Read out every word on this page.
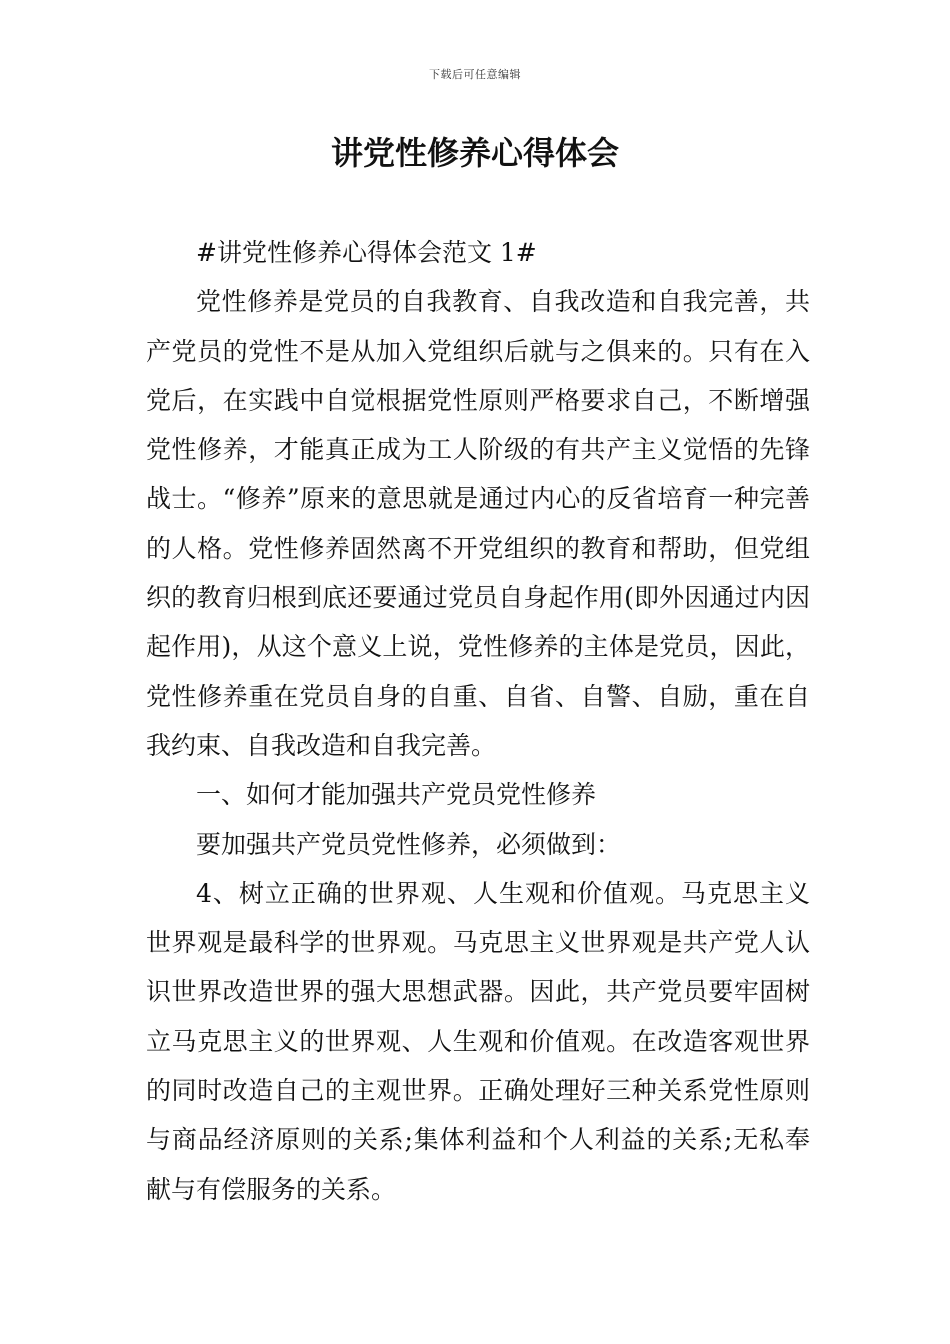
下载后可任意编辑
讲党性修养心得体会

#讲党性修养心得体会范文 1#

党性修养是党员的自我教育、自我改造和自我完善，共产党员的党性不是从加入党组织后就与之俱来的。只有在入党后，在实践中自觉根据党性原则严格要求自己，不断增强党性修养，才能真正成为工人阶级的有共产主义觉悟的先锋战士。“修养”原来的意思就是通过内心的反省培育一种完善的人格。党性修养固然离不开党组织的教育和帮助，但党组织的教育归根到底还要通过党员自身起作用(即外因通过内因起作用)，从这个意义上说，党性修养的主体是党员，因此，党性修养重在党员自身的自重、自省、自警、自励，重在自我约束、自我改造和自我完善。

一、如何才能加强共产党员党性修养

要加强共产党员党性修养，必须做到：

4、树立正确的世界观、人生观和价值观。马克思主义世界观是最科学的世界观。马克思主义世界观是共产党人认识世界改造世界的强大思想武器。因此，共产党员要牢固树立马克思主义的世界观、人生观和价值观。在改造客观世界的同时改造自己的主观世界。正确处理好三种关系党性原则与商品经济原则的关系;集体利益和个人利益的关系;无私奉献与有偿服务的关系。
